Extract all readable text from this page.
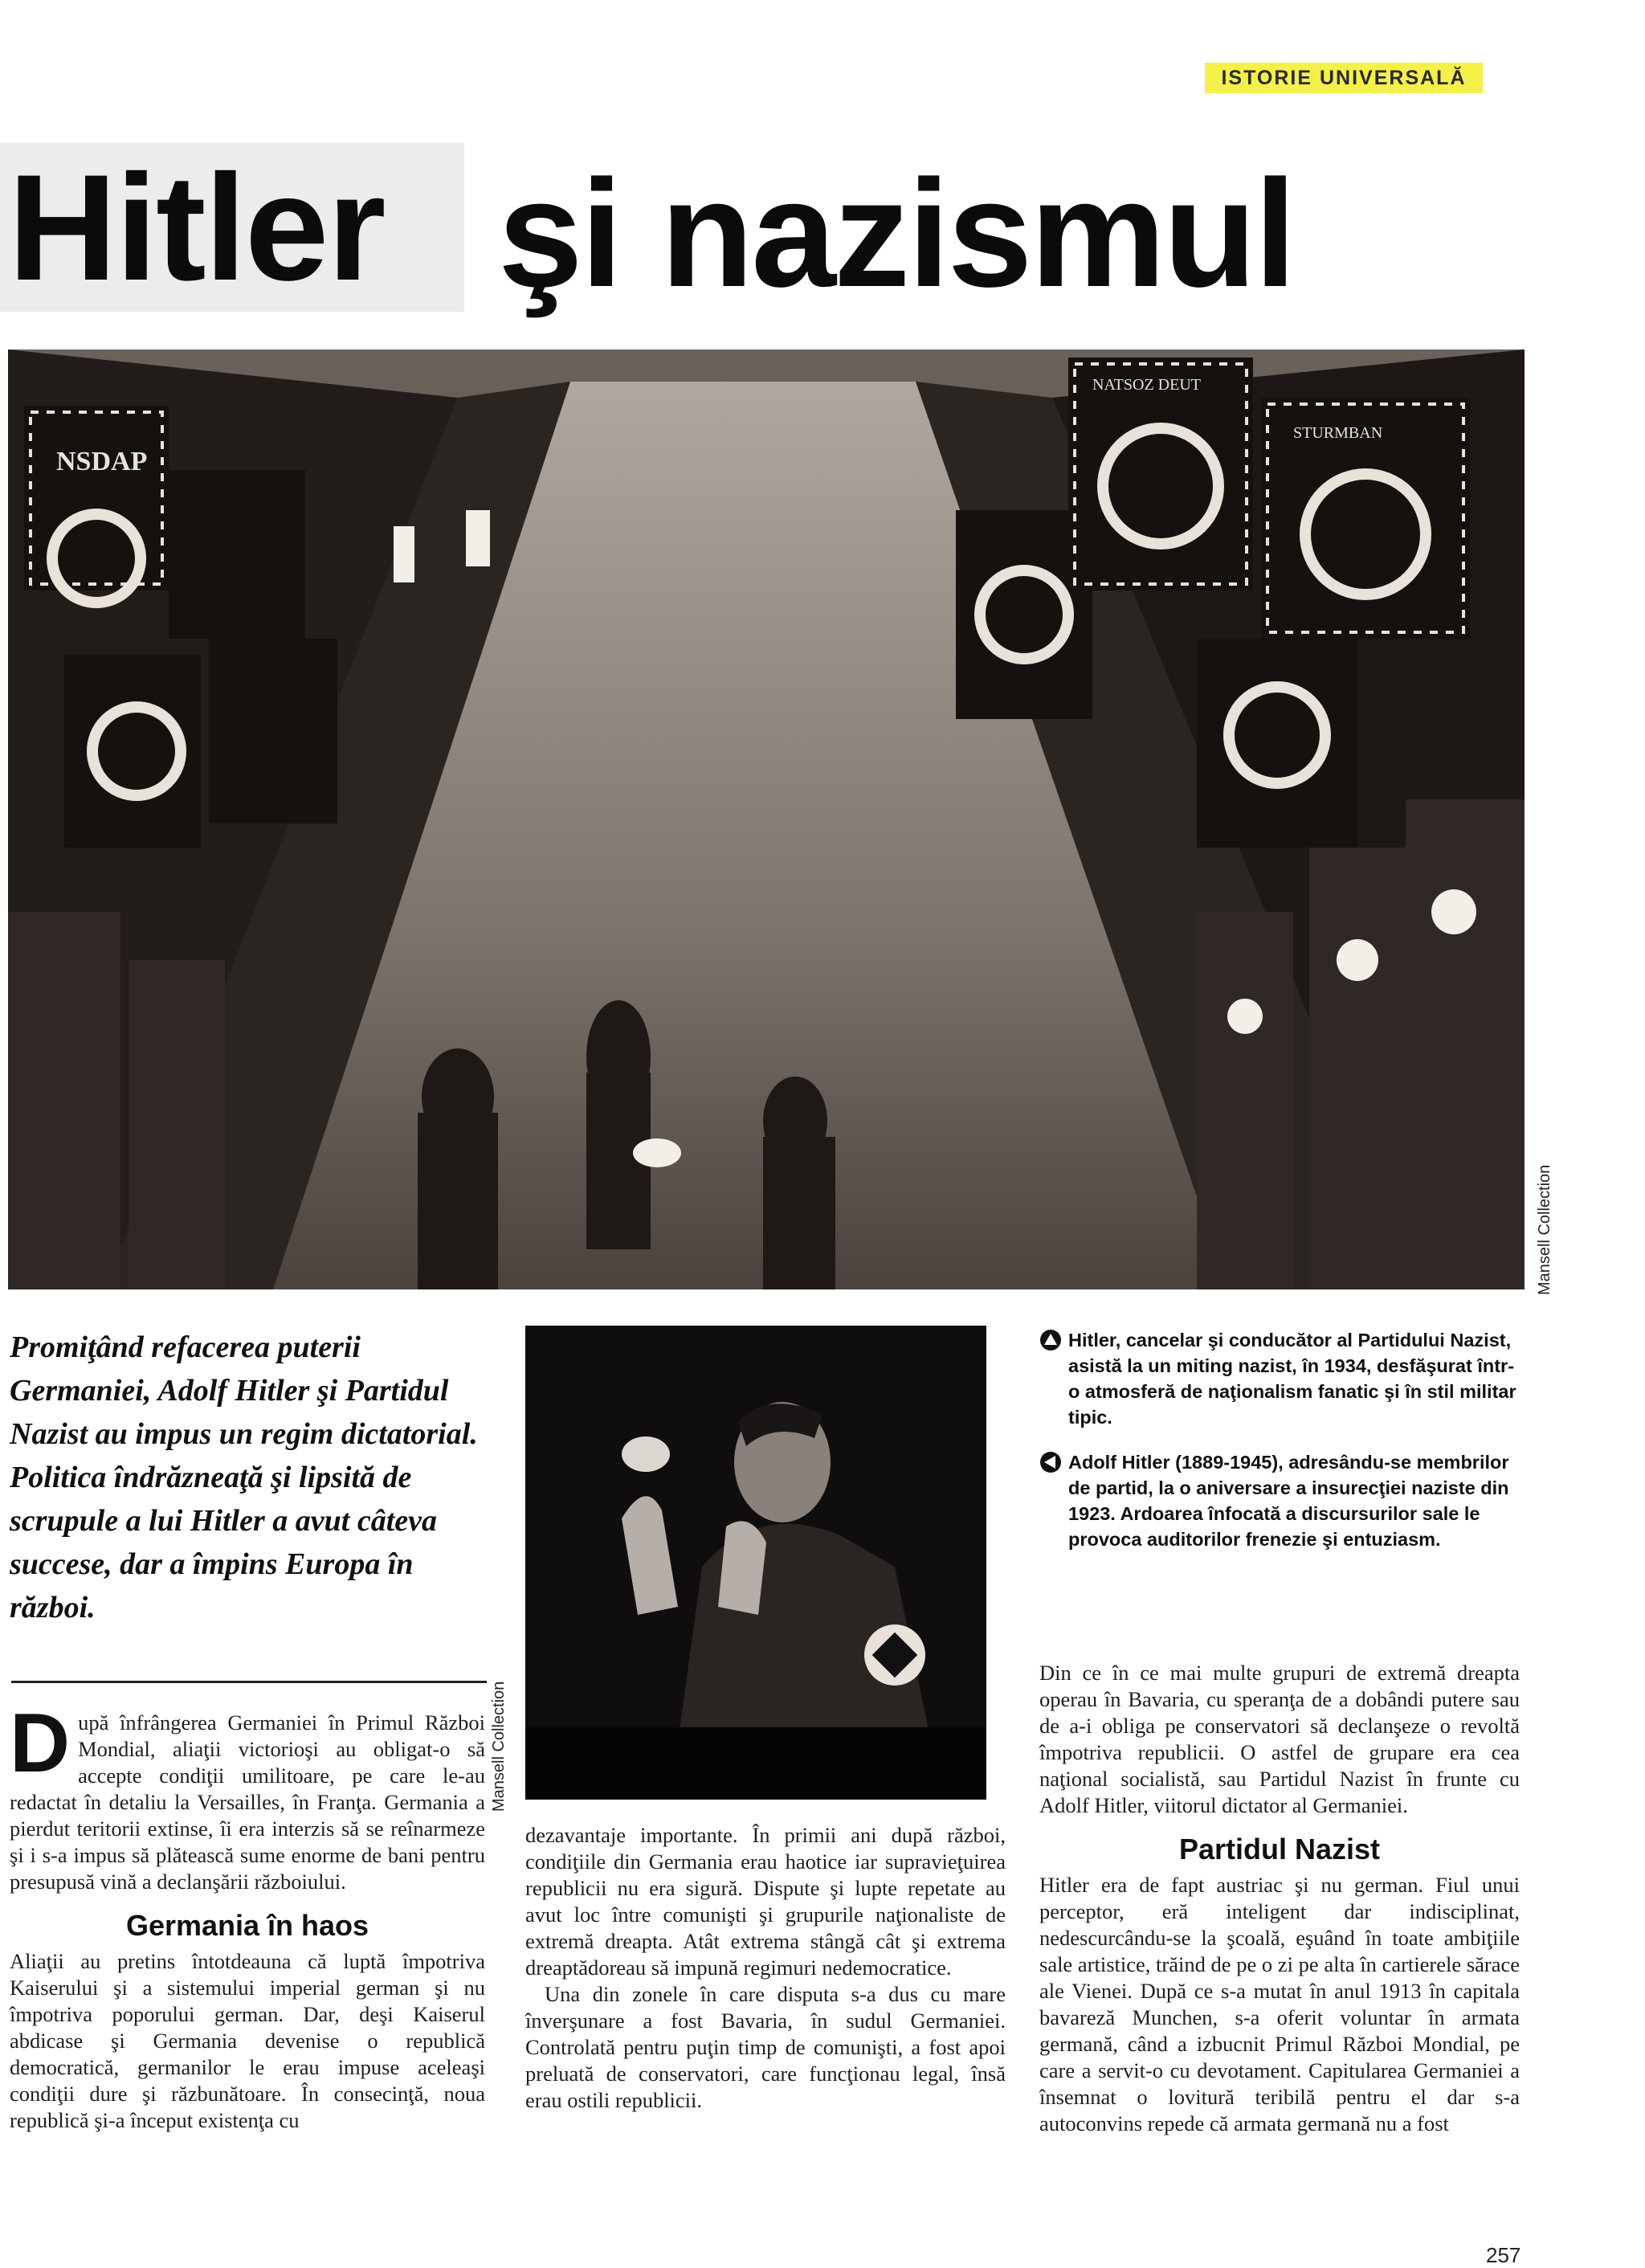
ISTORIE UNIVERSALĂ
Hitler şi nazismul
NSDAP
NATSOZ DEUT
STURMBAN
Mansell Collection

Promiţând refacerea puterii Germaniei, Adolf Hitler şi Partidul Nazist au impus un regim dictatorial. Politica îndrăzneaţă şi lipsită de scrupule a lui Hitler a avut câteva succese, dar a împins Europa în război.

Mansell Collection
Hitler, cancelar şi conducător al Partidului Nazist, asistă la un miting nazist, în 1934, desfăşurat într-o atmosferă de naţionalism fanatic şi în stil militar tipic.
Adolf Hitler (1889-1945), adresându-se membrilor de partid, la o aniversare a insurecţiei naziste din 1923. Ardoarea înfocată a discursurilor sale le provoca auditorilor frenezie şi entuziasm.
D upă înfrângerea Germaniei în Primul Război Mondial, aliaţii victorioşi au obligat-o să accepte condiţii umilitoare, pe care le-au redactat în detaliu la Versailles, în Franţa. Germania a pierdut teritorii extinse, îi era interzis să se reînarmeze şi i s-a impus să plătească sume enorme de bani pentru presupusă vină a declanşării războiului.

Germania în haos

Aliaţii au pretins întotdeauna că luptă împotriva Kaiserului şi a sistemului imperial german şi nu împotriva poporului german. Dar, deşi Kaiserul abdicase şi Germania devenise o republică democratică, germanilor le erau impuse aceleaşi condiţii dure şi răzbunătoare. În consecinţă, noua republică şi-a început existenţa cu

dezavantaje importante. În primii ani după război, condiţiile din Germania erau haotice iar supravieţuirea republicii nu era sigură. Dispute şi lupte repetate au avut loc între comunişti şi grupurile naţionaliste de extremă dreapta. Atât extrema stângă cât şi extrema dreaptădoreau să impună regimuri nedemocratice.

Una din zonele în care disputa s-a dus cu mare înverşunare a fost Bavaria, în sudul Germaniei. Controlată pentru puţin timp de comunişti, a fost apoi preluată de conservatori, care funcţionau legal, însă erau ostili republicii.

Din ce în ce mai multe grupuri de extremă dreapta operau în Bavaria, cu speranţa de a dobândi putere sau de a-i obliga pe conservatori să declanşeze o revoltă împotriva republicii. O astfel de grupare era cea naţional socialistă, sau Partidul Nazist în frunte cu Adolf Hitler, viitorul dictator al Germaniei.

Partidul Nazist

Hitler era de fapt austriac şi nu german. Fiul unui perceptor, eră inteligent dar indisciplinat, nedescurcându-se la şcoală, eşuând în toate ambiţiile sale artistice, trăind de pe o zi pe alta în cartierele sărace ale Vienei. După ce s-a mutat în anul 1913 în capitala bavareză Munchen, s-a oferit voluntar în armata germană, când a izbucnit Primul Război Mondial, pe care a servit-o cu devotament. Capitularea Germaniei a însemnat o lovitură teribilă pentru el dar s-a autoconvins repede că armata germană nu a fost

257
